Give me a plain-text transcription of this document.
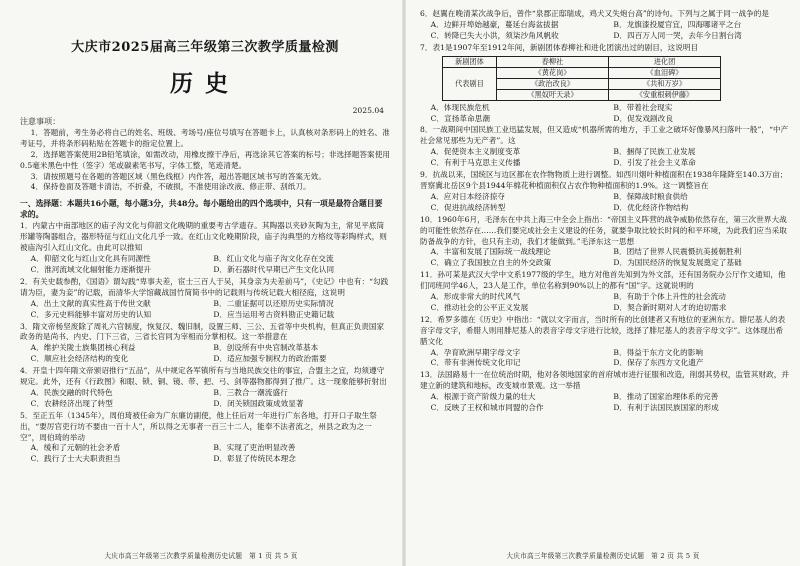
大庆市2025届高三年级第三次教学质量检测
历史
2025.04
注意事项：
1．答题前，考生务必将自己的姓名、班级、考场号/座位号填写在答题卡上，认真核对条形码上的姓名、准考证号，并将条形码粘贴在答题卡的指定位置上。
2．选择题答案使用2B铅笔填涂，如需改动，用橡皮擦干净后，再选涂其它答案的标号；非选择题答案使用0.5毫米黑色中性（签字）笔或碳素笔书写，字体工整，笔迹清楚。
3．请按照题号在各题的答题区域（黑色线框）内作答，超出答题区域书写的答案无效。
4．保持卷面及答题卡清洁，不折叠，不破损，不准使用涂改液、修正带、刮纸刀。
一、选择题：本题共16小题，每小题3分，共48分。每小题给出的四个选项中，只有一项是最符合题目要求的。
1．内蒙古中南部地区的庙子沟文化与仰韶文化晚期的重要考古学遗存。其陶器以夹砂灰陶为主，常见平底筒形罐等陶器组合，器形特征与红山文化几乎一致。在红山文化晚期阶段，庙子沟典型的方格纹等彩陶样式，则被庙沟引入红山文化。由此可以推知
A．仰韶文化与红山文化具有同源性	B．红山文化与庙子沟文化存在交流
C．淮河流域文化辐射能力逐渐提升	D．新石器时代早期已产生文化认同
2．有关史载参酌，《国语》谓勾践“卑事夫差，宦士三百人于吴，其身亲为夫差前马”，《史记》中也有：“勾践请为臣，妻为妾”的记载，而清华大学馆藏战国竹简简书中的记载则与传统记载大相径庭，这说明
A．出土文献的真实性高于传世文献	B．二重证据可以还原历史实际情况
C．多元史料能够丰富对历史的认知	D．应当运用考古资料勘正史籍记载
3．隋文帝杨坚废除了周礼六官制度，恢复汉、魏旧制，设置三师、三公、五省等中央机构，但真正负责国家政务的是尚书、内史、门下三省，三省长官同为宰相而分掌相权。这一举措意在
A．维护关陇士族集团核心利益	B．创设所有中央官制改革基本
C．顺应社会经济结构的变化	D．适应加强专制权力的政治需要
4．开皇十四年隋文帝颁诏推行“五品”，从中规定各军镇所有与当地民族交往的事宜，合盟主之宜，均须遵守规定。此外，还有《行政图》和眼、锁、铜、镜、带、把、弓、剑等器物都得到了推广。这一现象能够折射出
A．民族交融的时代特色	B．三教合一潮流盛行
C．农耕经济出现了转型	D．闭关锁国政策成效显著
5．至正五年（1345年），周伯琦被任命为广东廉访副使，他上任后对一年进行广东各地，打开口子取生祭出，“要厉官吏行坊不要由一百十人”，所以得之无事者一百三十二人，能奉不法者流之，州县之政为之一空”，周伯琦的举动
A．缓和了元朝的社会矛盾	B．实现了吏治明显改善
C．践行了士大夫职责担当	D．彰显了传统民本理念
大庆市高三年级第三次教学质量检测历史试题　第 1 页 共 5 页
6．赵翼在晚清某次战争后，曾作“泉郡正邸瑞成，鸡犬又失炮台高”的诗句。下列与之属于同一战争的是
A．边鲜开埠始越豪，蔓延台海盆拔据	B．龙旗漆投厦官宜，四海哪诸平之台
C．转降已失大小洪，须柒沙角风帆收	D．四百万人同一哭，去年今日割台湾
7．表1是1907年至1912年间，新剧团体春柳社和进化团演出过的剧目，这说明目
新剧团体	春柳社	进化团
代表剧目	《黄花岗》	《血泪碑》
	《政治改良》	《共和万岁》
	《黑奴吁天录》	《安重根刺伊藤》
A．体现民族危机	B．带着社会现实
C．宣扬革命思潮	D．促发戏剧改良
8．一战期间中国民族工业迅猛发展，但又造成“机器所需的地方，手工业之破坏好像暴风扫落叶一般”，“中产社会常见那些为无产者”。这
A．促使资本主义制度变革	B．捆得了民族工业发展
C．有利于马克思主义传播	D．引发了社会主义革命
9．抗战以来，国统区与边区都在农作物物质上进行调整。如西川烟叶种植面积在1938年隆降至140.3万亩；晋察冀北岳区9个县1944年棉花种植面积仅占农作物种植面积的1.9%。这一调整旨在
A．应对日本经济掠夺	B．保障战时粮食供给
C．促进抗战经济转型	D．优化经济作物结构
10．1960年6月，毛泽东在中共上海三中全会上指出：“帝国主义阵营的战争威胁依然存在，第三次世界大战的可能性依然存在……我们要完成社会主义建设的任务，就要争取比较长时间的和平环境，为此我们应当采取防备战争的方针，也只有主动，我们才能做到。”毛泽东这一思想
A．丰富和发展了国际统一战线理论	B．团结了世界人民震慑抗美援朝胜利
C．确立了我国独立自主的外交政策	D．为国民经济的恢复发展奠定了基础
11．孙可某是武汉大学中文系1977级的学生，地方对他首先知到为外文部，还有国务院办公厅作文通知，他们同班同学46人，23人是工作，单位名称到90%以上的都有“国”字。这就说明的
A．形成非常大的时代风气	B．有助于个体上升性的社会流动
C．推动社会的公平正义发展	D．契合新时期对人才的迫切需求
12．希罗多德在《历史》中指出：“就以文字而言，当时所有的比创建者又有地位的亚洲东方。腓尼基人的表音字母文字，希腊人则用腓尼基人的表音字母文字进行比较，选择了腓尼基人的表音字母文字”。这体现出希腊文化
A．孕育欧洲早期字母文字	B．得益于东方文化的影响
C．带有非洲传统文化印记	D．保存了东西方文化遗产
13．法国路易十一在位统治时期，他对各领地国家的首府城市进行征服和改造，削弱其势权，监管其财政，并建立新的建筑和地标，改变城市景观。这一举措
A．根源于资产阶级力量的壮大	B．推动了国家治理体系的完善
C．反映了王权和城市同盟的合作	D．有利于法国民族国家的形成
大庆市高三年级第三次教学质量检测历史试题　第 2 页 共 5 页
